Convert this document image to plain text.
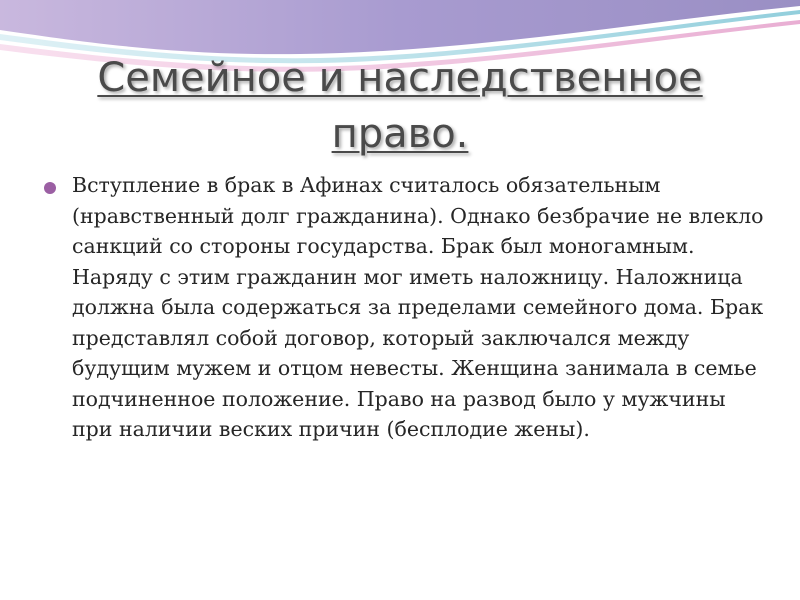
Семейное и наследственное право.

Вступление в брак в Афинах считалось обязательным (нравственный долг гражданина). Однако безбрачие не влекло санкций со стороны государства. Брак был моногамным. Наряду с этим гражданин мог иметь наложницу. Наложница должна была содержаться за пределами семейного дома. Брак представлял собой договор, который заключался между будущим мужем и отцом невесты. Женщина занимала в семье подчиненное положение. Право на развод было у мужчины при наличии веских причин (бесплодие жены).
